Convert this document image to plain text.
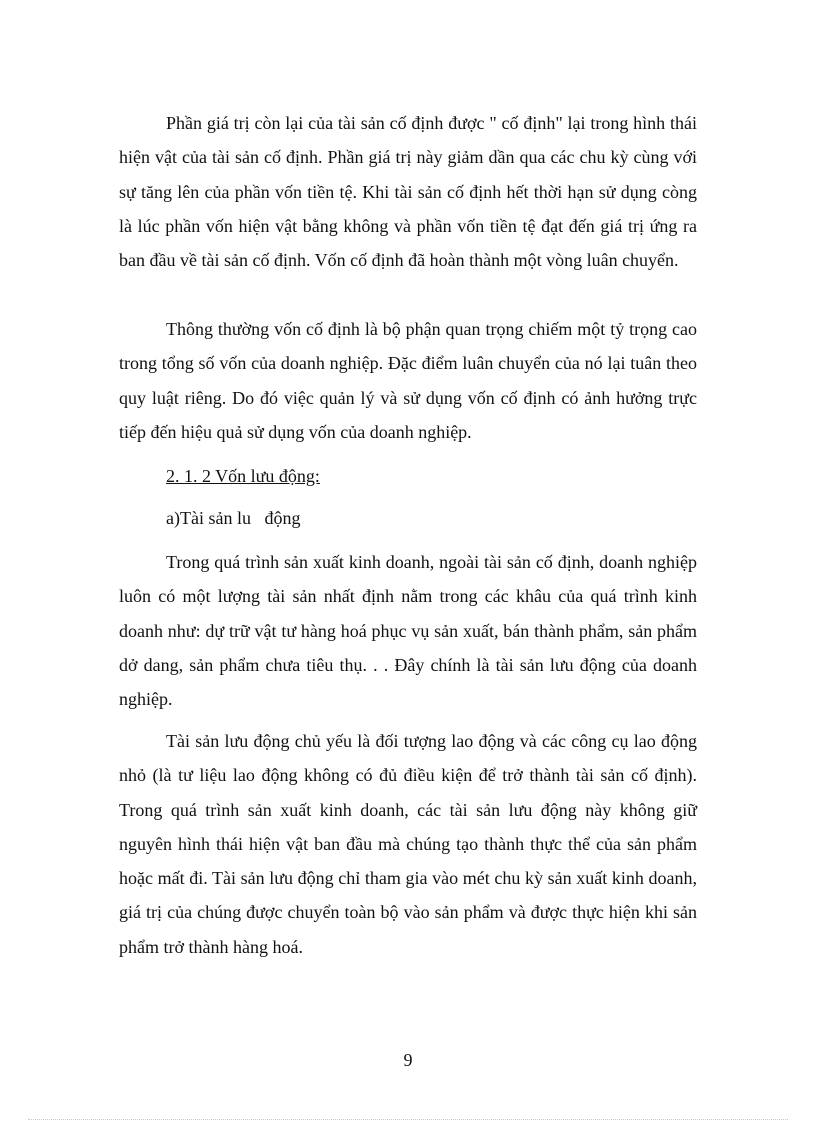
Phần giá trị còn lại của tài sản cố định được " cố định" lại trong hình thái hiện vật của tài sản cố định. Phần giá trị này giảm dần qua các chu kỳ cùng với sự tăng lên của phần vốn tiền tệ. Khi tài sản cố định hết thời hạn sử dụng còng là lúc phần vốn hiện vật bằng không và phần vốn tiền tệ đạt đến giá trị ứng ra ban đầu về tài sản cố định. Vốn cố định đã hoàn thành một vòng luân chuyển.

Thông thường vốn cố định là bộ phận quan trọng chiếm một tỷ trọng cao trong tổng số vốn của doanh nghiệp. Đặc điểm luân chuyển của nó lại tuân theo quy luật riêng. Do đó việc quản lý và sử dụng vốn cố định có ảnh hưởng trực tiếp đến hiệu quả sử dụng vốn của doanh nghiệp.

2. 1. 2 Vốn lưu động:
a)Tài sản lu   động

Trong quá trình sản xuất kinh doanh, ngoài tài sản cố định, doanh nghiệp luôn có một lượng tài sản nhất định nằm trong các khâu của quá trình kinh doanh như: dự trữ vật tư hàng hoá phục vụ sản xuất, bán thành phẩm, sản phẩm dở dang, sản phẩm chưa tiêu thụ. . . Đây chính là tài sản lưu động của doanh nghiệp.

Tài sản lưu động chủ yếu là đối tượng lao động và các công cụ lao động nhỏ (là tư liệu lao động không có đủ điều kiện để trở thành tài sản cố định). Trong quá trình sản xuất kinh doanh, các tài sản lưu động này không giữ nguyên hình thái hiện vật ban đầu mà chúng tạo thành thực thể của sản phẩm hoặc mất đi. Tài sản lưu động chỉ tham gia vào mét chu kỳ sản xuất kinh doanh, giá trị của chúng được chuyển toàn bộ vào sản phẩm và được thực hiện khi sản phẩm trở thành hàng hoá.

9
